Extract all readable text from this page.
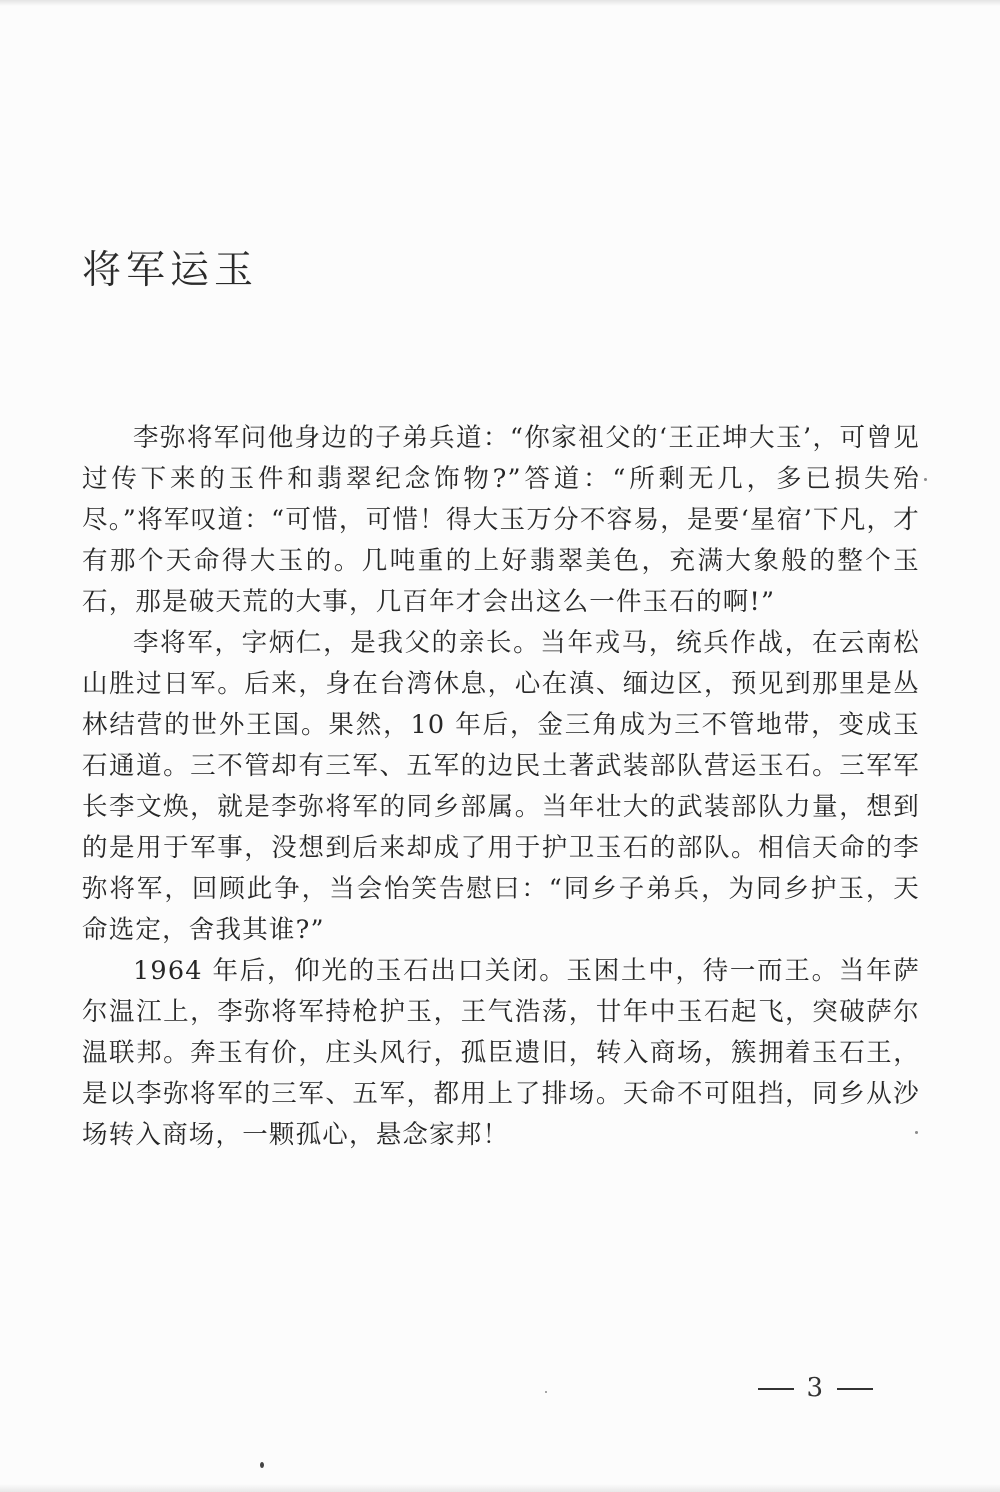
将军运玉

李弥将军问他身边的子弟兵道：“你家祖父的‘王正坤大玉’，可曾见过传下来的玉件和翡翠纪念饰物?”答道：“所剩无几，多已损失殆尽。”将军叹道：“可惜，可惜！得大玉万分不容易，是要‘星宿’下凡，才有那个天命得大玉的。几吨重的上好翡翠美色，充满大象般的整个玉石，那是破天荒的大事，几百年才会出这么一件玉石的啊!”

李将军，字炳仁，是我父的亲长。当年戎马，统兵作战，在云南松山胜过日军。后来，身在台湾休息，心在滇、缅边区，预见到那里是丛林结营的世外王国。果然，10 年后，金三角成为三不管地带，变成玉石通道。三不管却有三军、五军的边民土著武装部队营运玉石。三军军长李文焕，就是李弥将军的同乡部属。当年壮大的武装部队力量，想到的是用于军事，没想到后来却成了用于护卫玉石的部队。相信天命的李弥将军，回顾此争，当会怡笑告慰曰：“同乡子弟兵，为同乡护玉，天命选定，舍我其谁?”

1964 年后，仰光的玉石出口关闭。玉困土中，待一而王。当年萨尔温江上，李弥将军持枪护玉，王气浩荡，廿年中玉石起飞，突破萨尔温联邦。奔玉有价，庄头风行，孤臣遗旧，转入商场，簇拥着玉石王，是以李弥将军的三军、五军，都用上了排场。天命不可阻挡，同乡从沙场转入商场，一颗孤心，悬念家邦！

3
